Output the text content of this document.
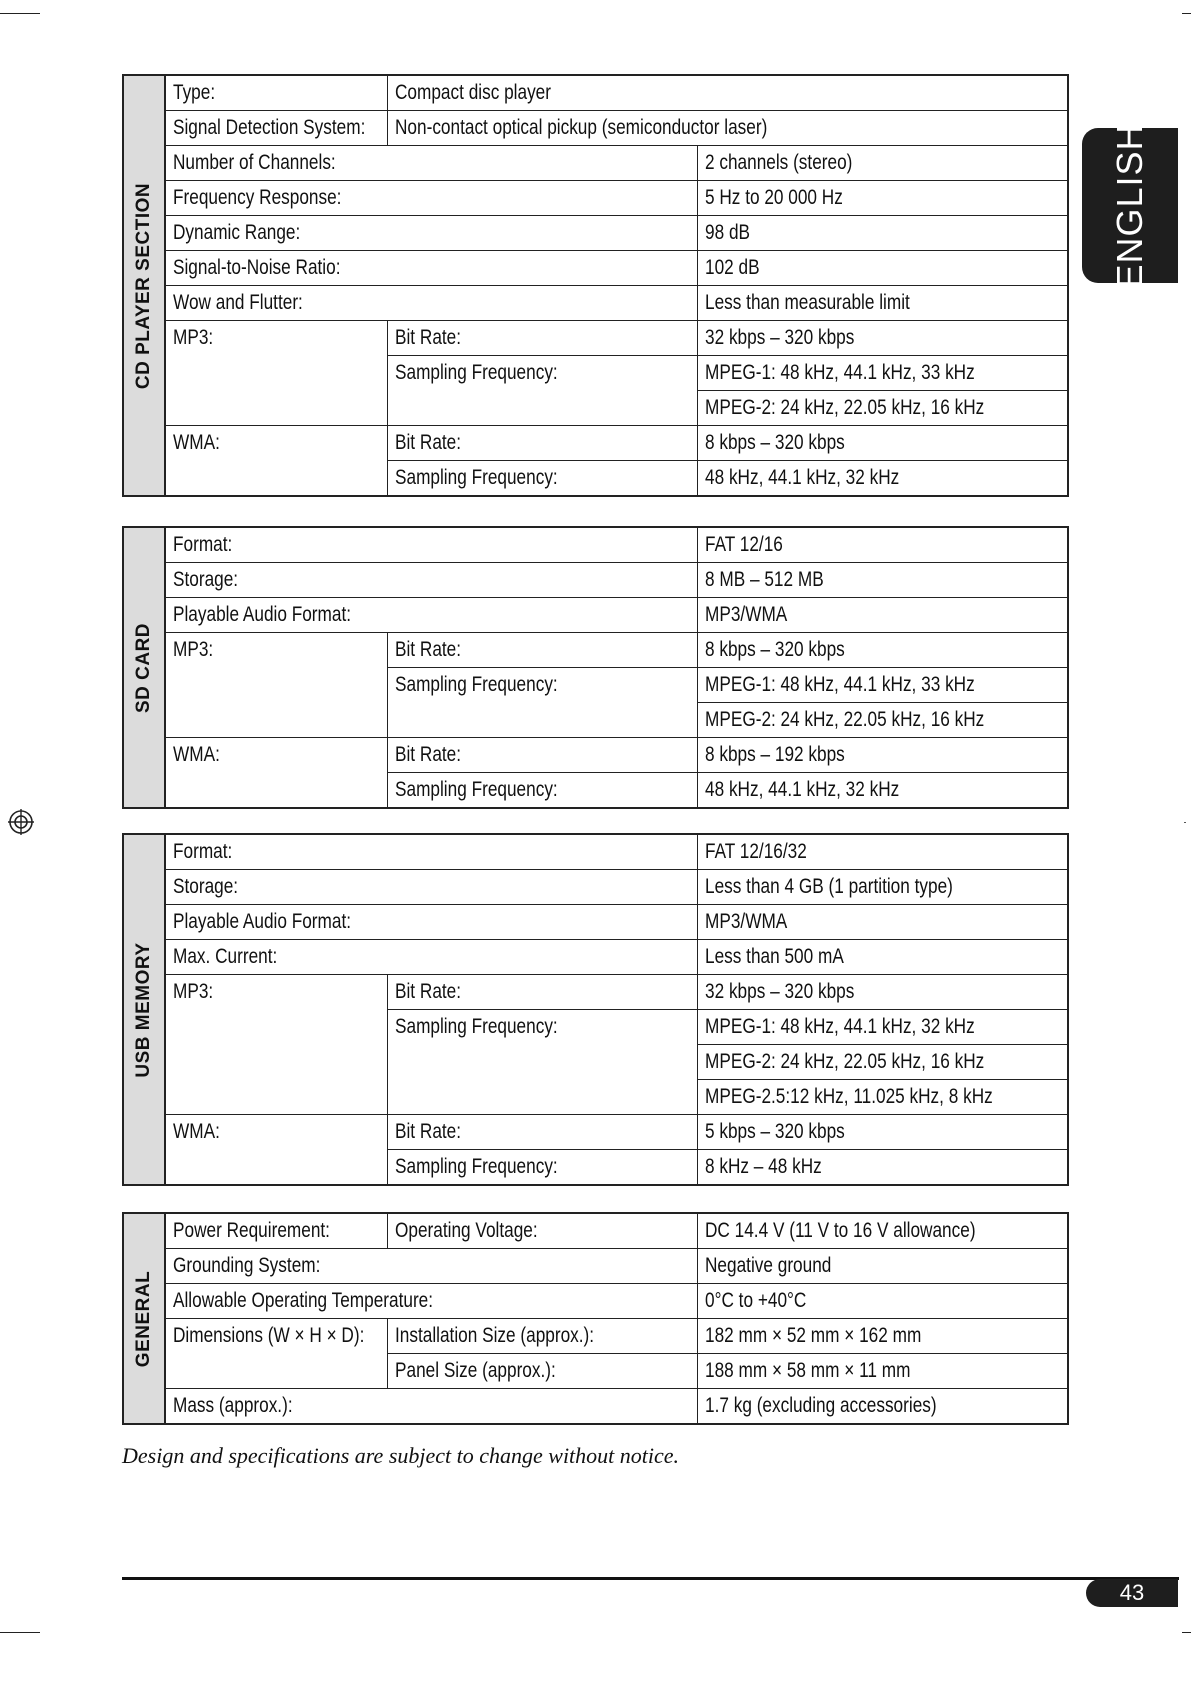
ENGLISH
CD PLAYER SECTION
Type:	Compact disc player	
Signal Detection System:	Non-contact optical pickup (semiconductor laser)	
Number of Channels:		2 channels (stereo)
Frequency Response:		5 Hz to 20 000 Hz
Dynamic Range:		98 dB
Signal-to-Noise Ratio:		102 dB
Wow and Flutter:		Less than measurable limit
MP3:	Bit Rate:	32 kbps – 320 kbps
	Sampling Frequency:	MPEG-1: 48 kHz, 44.1 kHz, 33 kHz
		MPEG-2: 24 kHz, 22.05 kHz, 16 kHz
WMA:	Bit Rate:	8 kbps – 320 kbps
	Sampling Frequency:	48 kHz, 44.1 kHz, 32 kHz
SD CARD
Format:		FAT 12/16
Storage:		8 MB – 512 MB
Playable Audio Format:		MP3/WMA
MP3:	Bit Rate:	8 kbps – 320 kbps
	Sampling Frequency:	MPEG-1: 48 kHz, 44.1 kHz, 33 kHz
		MPEG-2: 24 kHz, 22.05 kHz, 16 kHz
WMA:	Bit Rate:	8 kbps – 192 kbps
	Sampling Frequency:	48 kHz, 44.1 kHz, 32 kHz
USB MEMORY
Format:		FAT 12/16/32
Storage:		Less than 4 GB (1 partition type)
Playable Audio Format:		MP3/WMA
Max. Current:		Less than 500 mA
MP3:	Bit Rate:	32 kbps – 320 kbps
	Sampling Frequency:	MPEG-1: 48 kHz, 44.1 kHz, 32 kHz
		MPEG-2: 24 kHz, 22.05 kHz, 16 kHz
		MPEG-2.5:12 kHz, 11.025 kHz, 8 kHz
WMA:	Bit Rate:	5 kbps – 320 kbps
	Sampling Frequency:	8 kHz – 48 kHz
GENERAL
Power Requirement:	Operating Voltage:	DC 14.4 V (11 V to 16 V allowance)
Grounding System:		Negative ground
Allowable Operating Temperature:		0°C to +40°C
Dimensions (W × H × D):	Installation Size (approx.):	182 mm × 52 mm × 162 mm
	Panel Size (approx.):	188 mm × 58 mm × 11 mm
Mass (approx.):		1.7 kg (excluding accessories)
Design and specifications are subject to change without notice.
43
